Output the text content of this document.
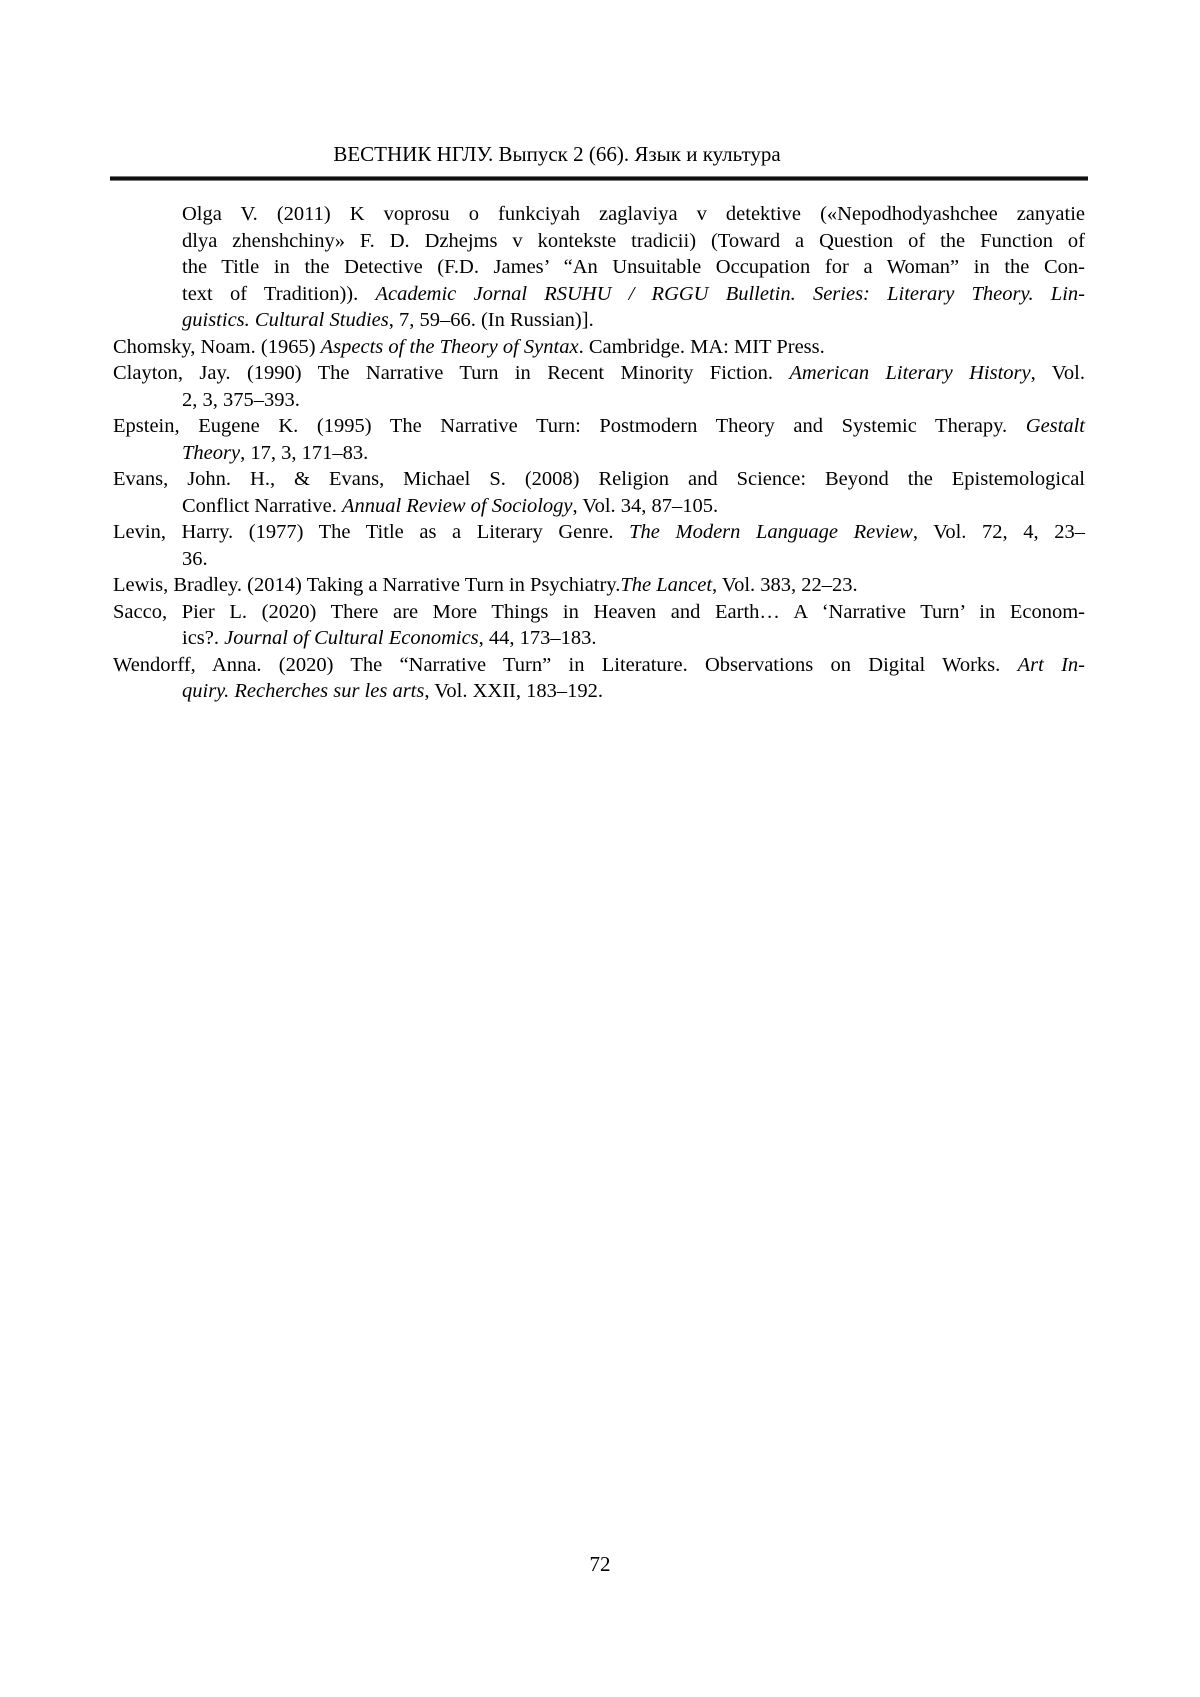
ВЕСТНИК НГЛУ. Выпуск 2 (66). Язык и культура
Olga V. (2011) K voprosu o funkciyah zaglaviya v detektive («Nepodhodyashchee zanyatie
dlya zhenshchiny» F. D. Dzhejms v kontekste tradicii) (Toward a Question of the Function of
the Title in the Detective (F.D. James’ “An Unsuitable Occupation for a Woman” in the Con-
text of Tradition)). Academic Jornal RSUHU / RGGU Bulletin. Series: Literary Theory. Lin-
guistics. Cultural Studies, 7, 59–66. (In Russian)].
Chomsky, Noam. (1965) Aspects of the Theory of Syntax. Cambridge. MA: MIT Press.
Clayton, Jay. (1990) The Narrative Turn in Recent Minority Fiction. American Literary History, Vol.
2, 3, 375–393.
Epstein, Eugene K. (1995) The Narrative Turn: Postmodern Theory and Systemic Therapy. Gestalt
Theory, 17, 3, 171–83.
Evans, John. H., & Evans, Michael S. (2008) Religion and Science: Beyond the Epistemological
Conflict Narrative. Annual Review of Sociology, Vol. 34, 87–105.
Levin, Harry. (1977) The Title as a Literary Genre. The Modern Language Review, Vol. 72, 4, 23–
36.
Lewis, Bradley. (2014) Taking a Narrative Turn in Psychiatry.The Lancet, Vol. 383, 22–23.
Sacco, Pier L. (2020) There are More Things in Heaven and Earth… A ‘Narrative Turn’ in Econom-
ics?. Journal of Cultural Economics, 44, 173–183.
Wendorff, Anna. (2020) The “Narrative Turn” in Literature. Observations on Digital Works. Art In-
quiry. Recherches sur les arts, Vol. XXII, 183–192.
72
